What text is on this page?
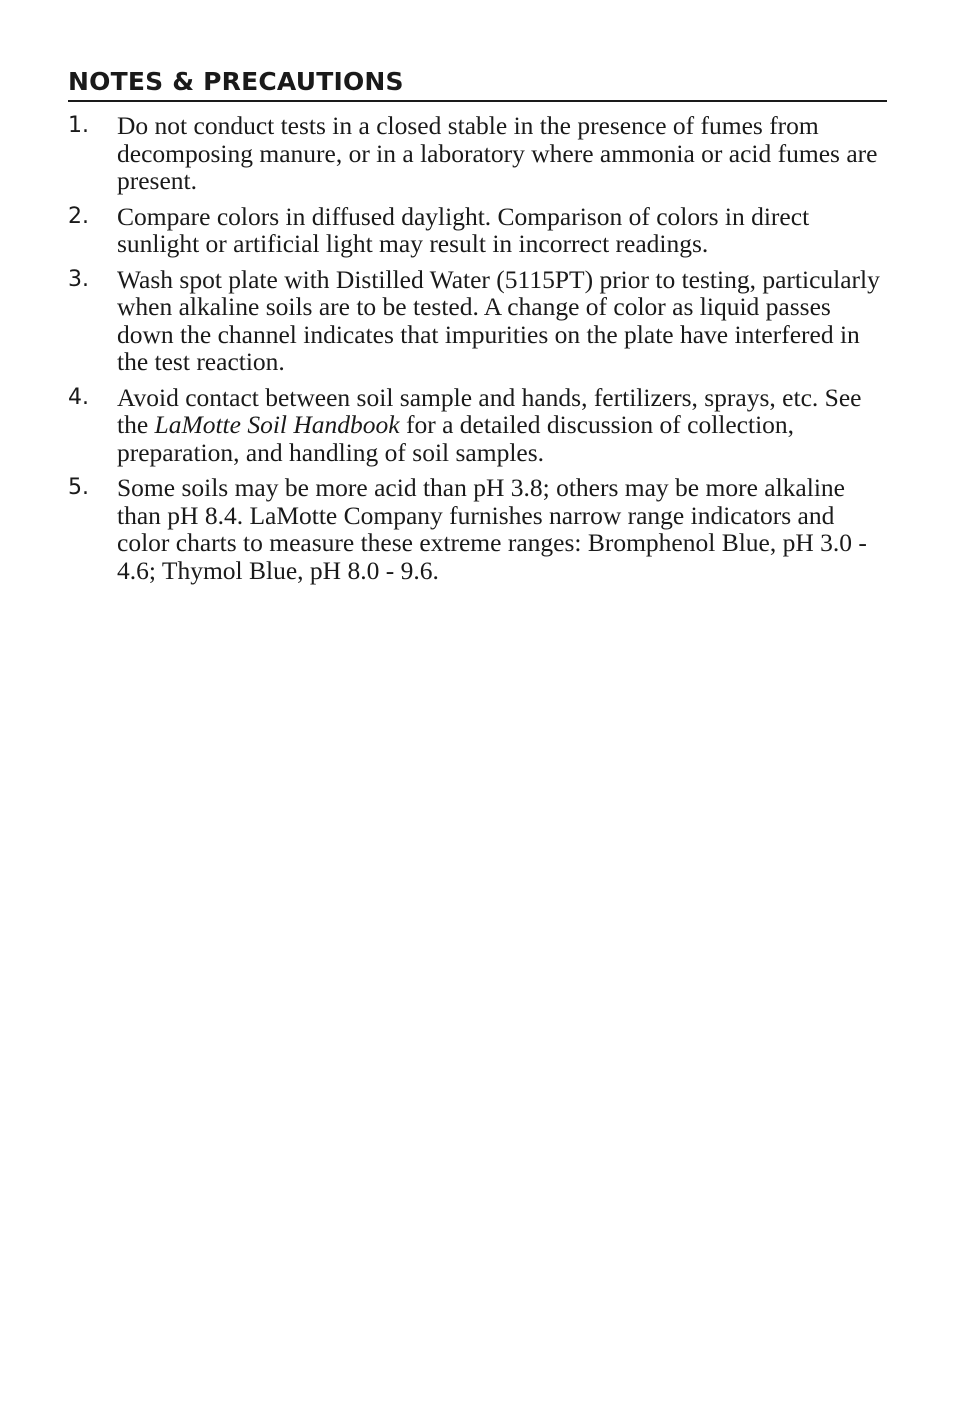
NOTES & PRECAUTIONS
1.	Do not conduct tests in a closed stable in the presence of fumes from decomposing manure, or in a laboratory where ammonia or acid fumes are present.
2.	Compare colors in diffused daylight. Comparison of colors in direct sunlight or artificial light may result in incorrect readings.
3.	Wash spot plate with Distilled Water (5115PT) prior to testing, particularly when alkaline soils are to be tested. A change of color as liquid passes down the channel indicates that impurities on the plate have interfered in the test reaction.
4.	Avoid contact between soil sample and hands, fertilizers, sprays, etc. See the LaMotte Soil Handbook for a detailed discussion of collection, preparation, and handling of soil samples.
5.	Some soils may be more acid than pH 3.8; others may be more alkaline than pH 8.4. LaMotte Company furnishes narrow range indicators and color charts to measure these extreme ranges: Bromphenol Blue, pH 3.0 - 4.6; Thymol Blue, pH 8.0 - 9.6.
